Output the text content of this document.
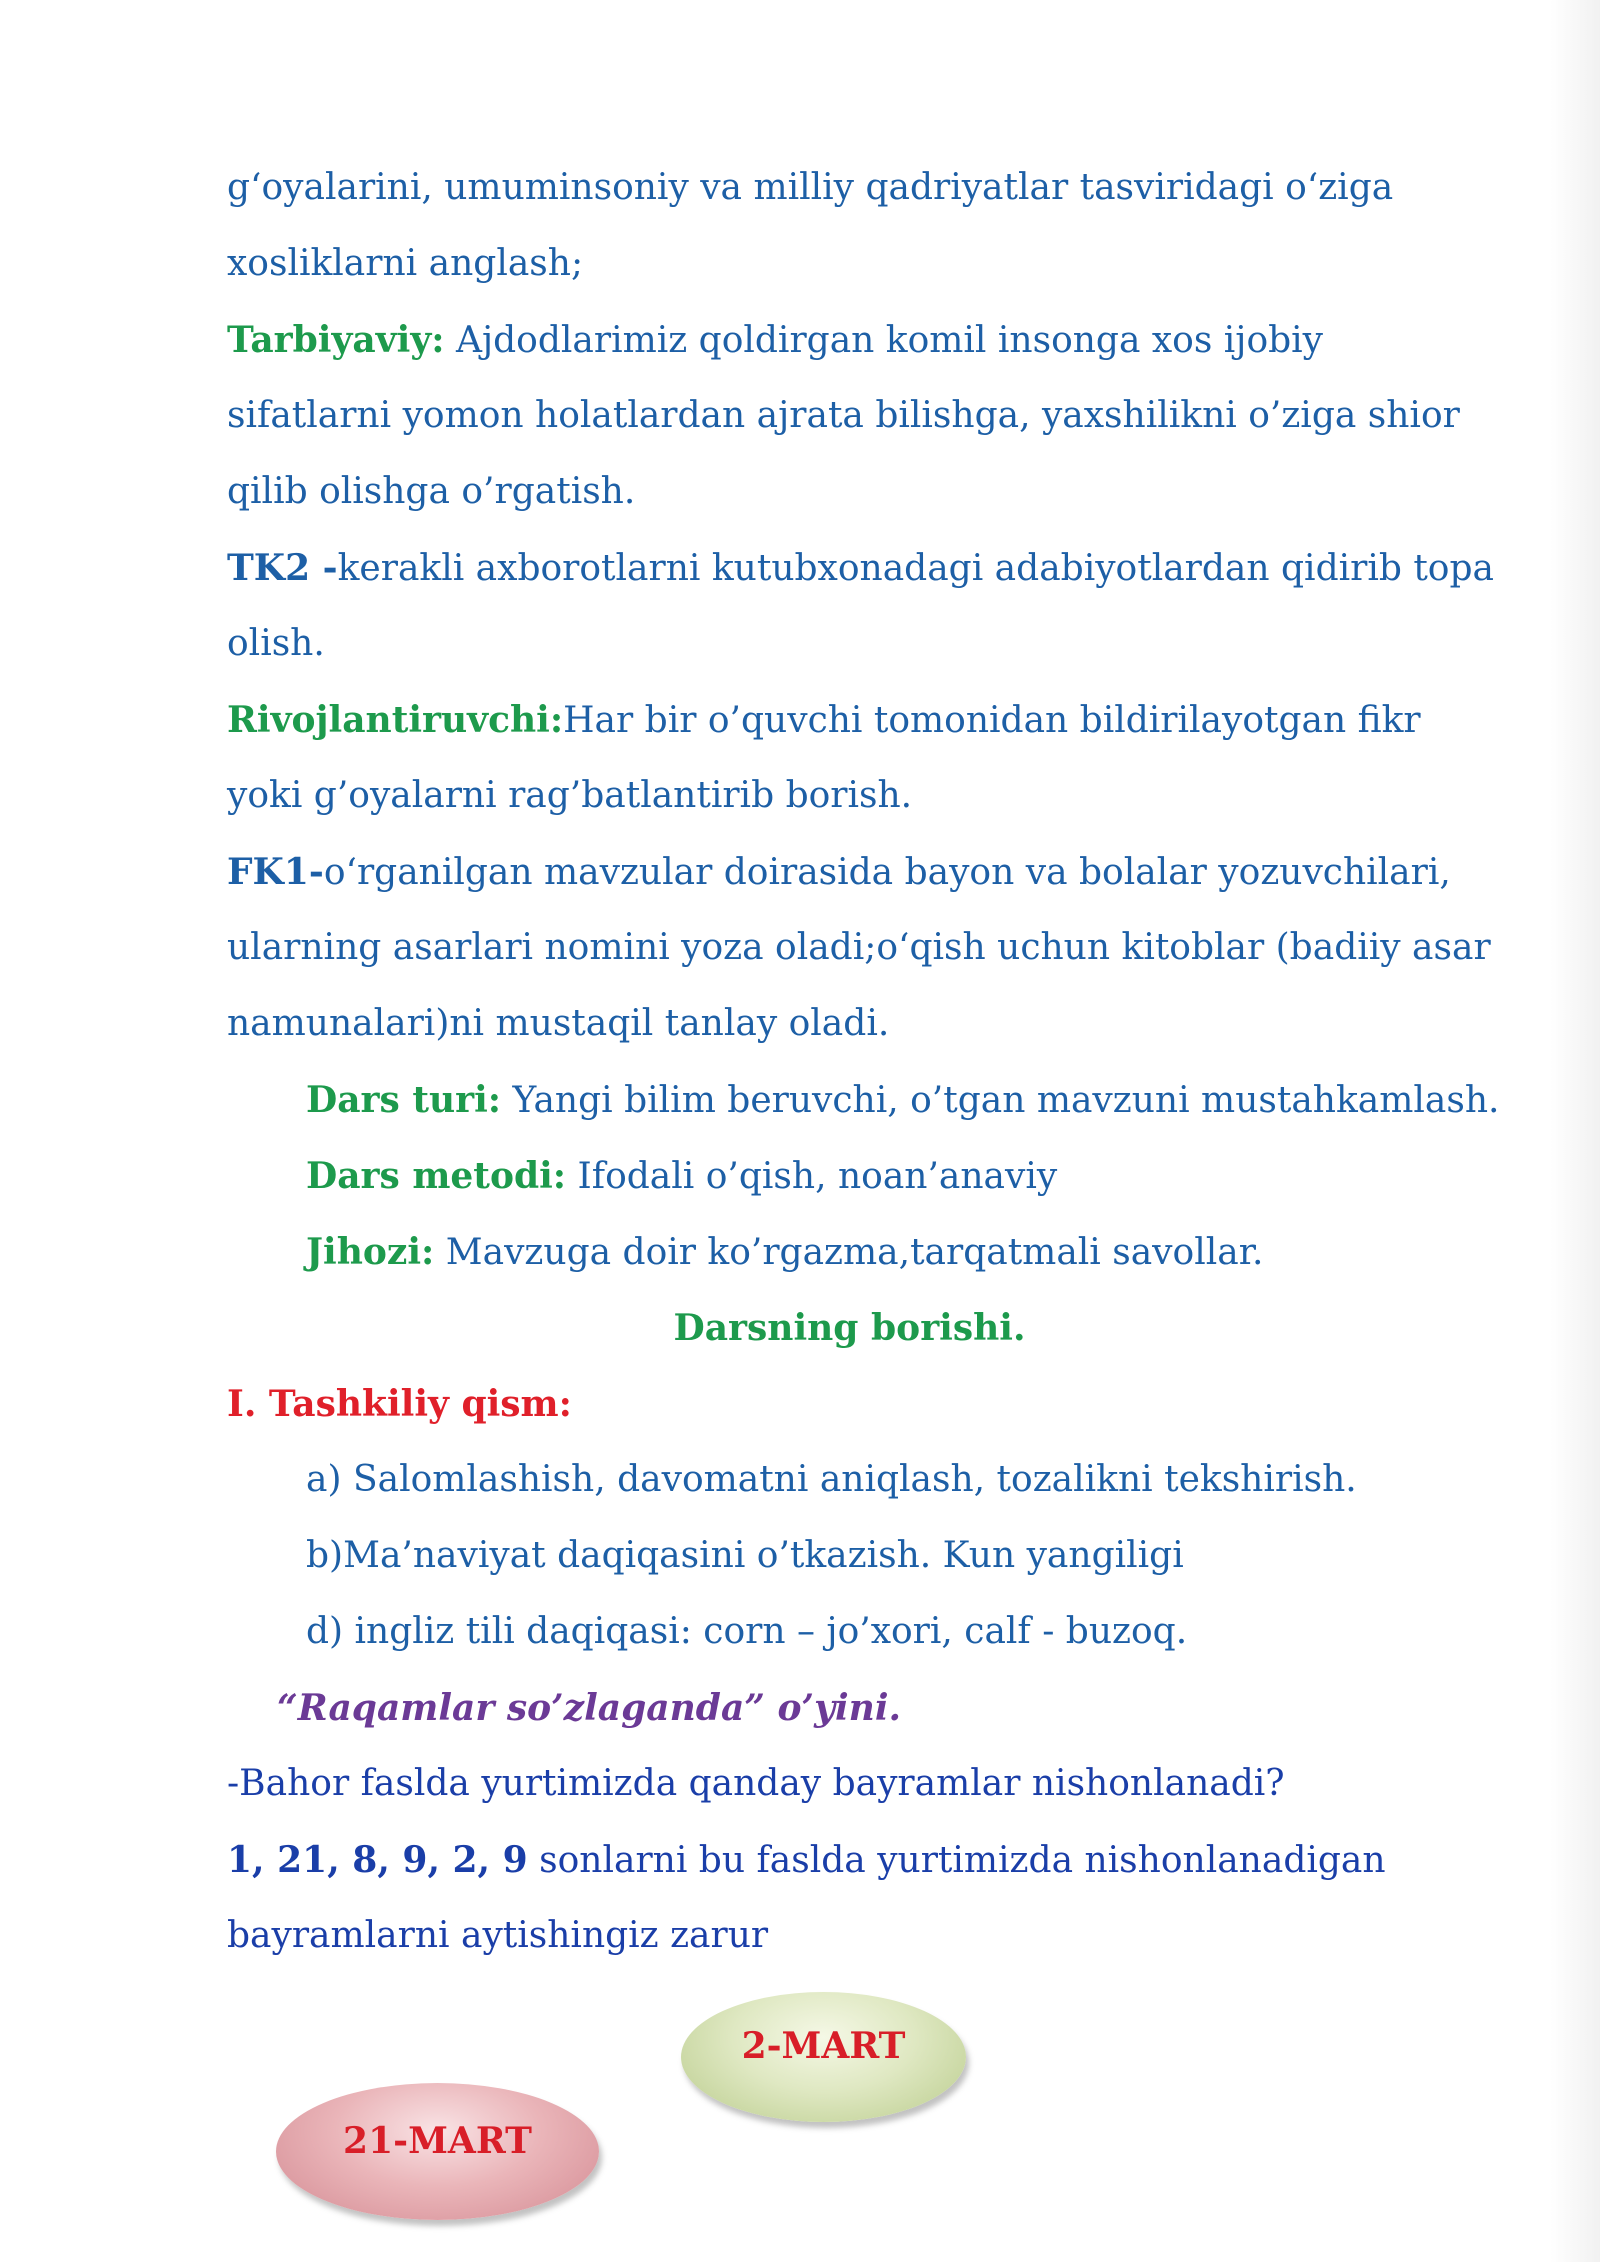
g‘oyalarini, umuminsoniy va milliy qadriyatlar tasviridagi o‘ziga
xosliklarni anglash;
Tarbiyaviy: Ajdodlarimiz qoldirgan komil insonga xos ijobiy
sifatlarni yomon holatlardan ajrata bilishga, yaxshilikni o’ziga shior
qilib olishga o’rgatish.
TK2 -kerakli axborotlarni kutubxonadagi adabiyotlardan qidirib topa
olish.
Rivojlantiruvchi:Har bir o’quvchi tomonidan bildirilayotgan fikr
yoki g’oyalarni rag’batlantirib borish.
FK1-o‘rganilgan mavzular doirasida bayon va bolalar yozuvchilari,
ularning asarlari nomini yoza oladi;o‘qish uchun kitoblar (badiiy asar
namunalari)ni mustaqil tanlay oladi.
Dars turi: Yangi bilim beruvchi, o’tgan mavzuni mustahkamlash.
Dars metodi: Ifodali o’qish, noan’anaviy
Jihozi: Mavzuga doir ko’rgazma,tarqatmali savollar.
Darsning borishi.
I. Tashkiliy qism:
a) Salomlashish, davomatni aniqlash, tozalikni tekshirish.
b)Ma’naviyat daqiqasini o’tkazish. Kun yangiligi
d) ingliz tili daqiqasi: corn – jo’xori, calf - buzoq.
“Raqamlar so’zlaganda” o’yini.
-Bahor faslda yurtimizda qanday bayramlar nishonlanadi?
1, 21, 8, 9, 2, 9 sonlarni bu faslda yurtimizda nishonlanadigan
bayramlarni aytishingiz zarur
2-MART
21-MART
